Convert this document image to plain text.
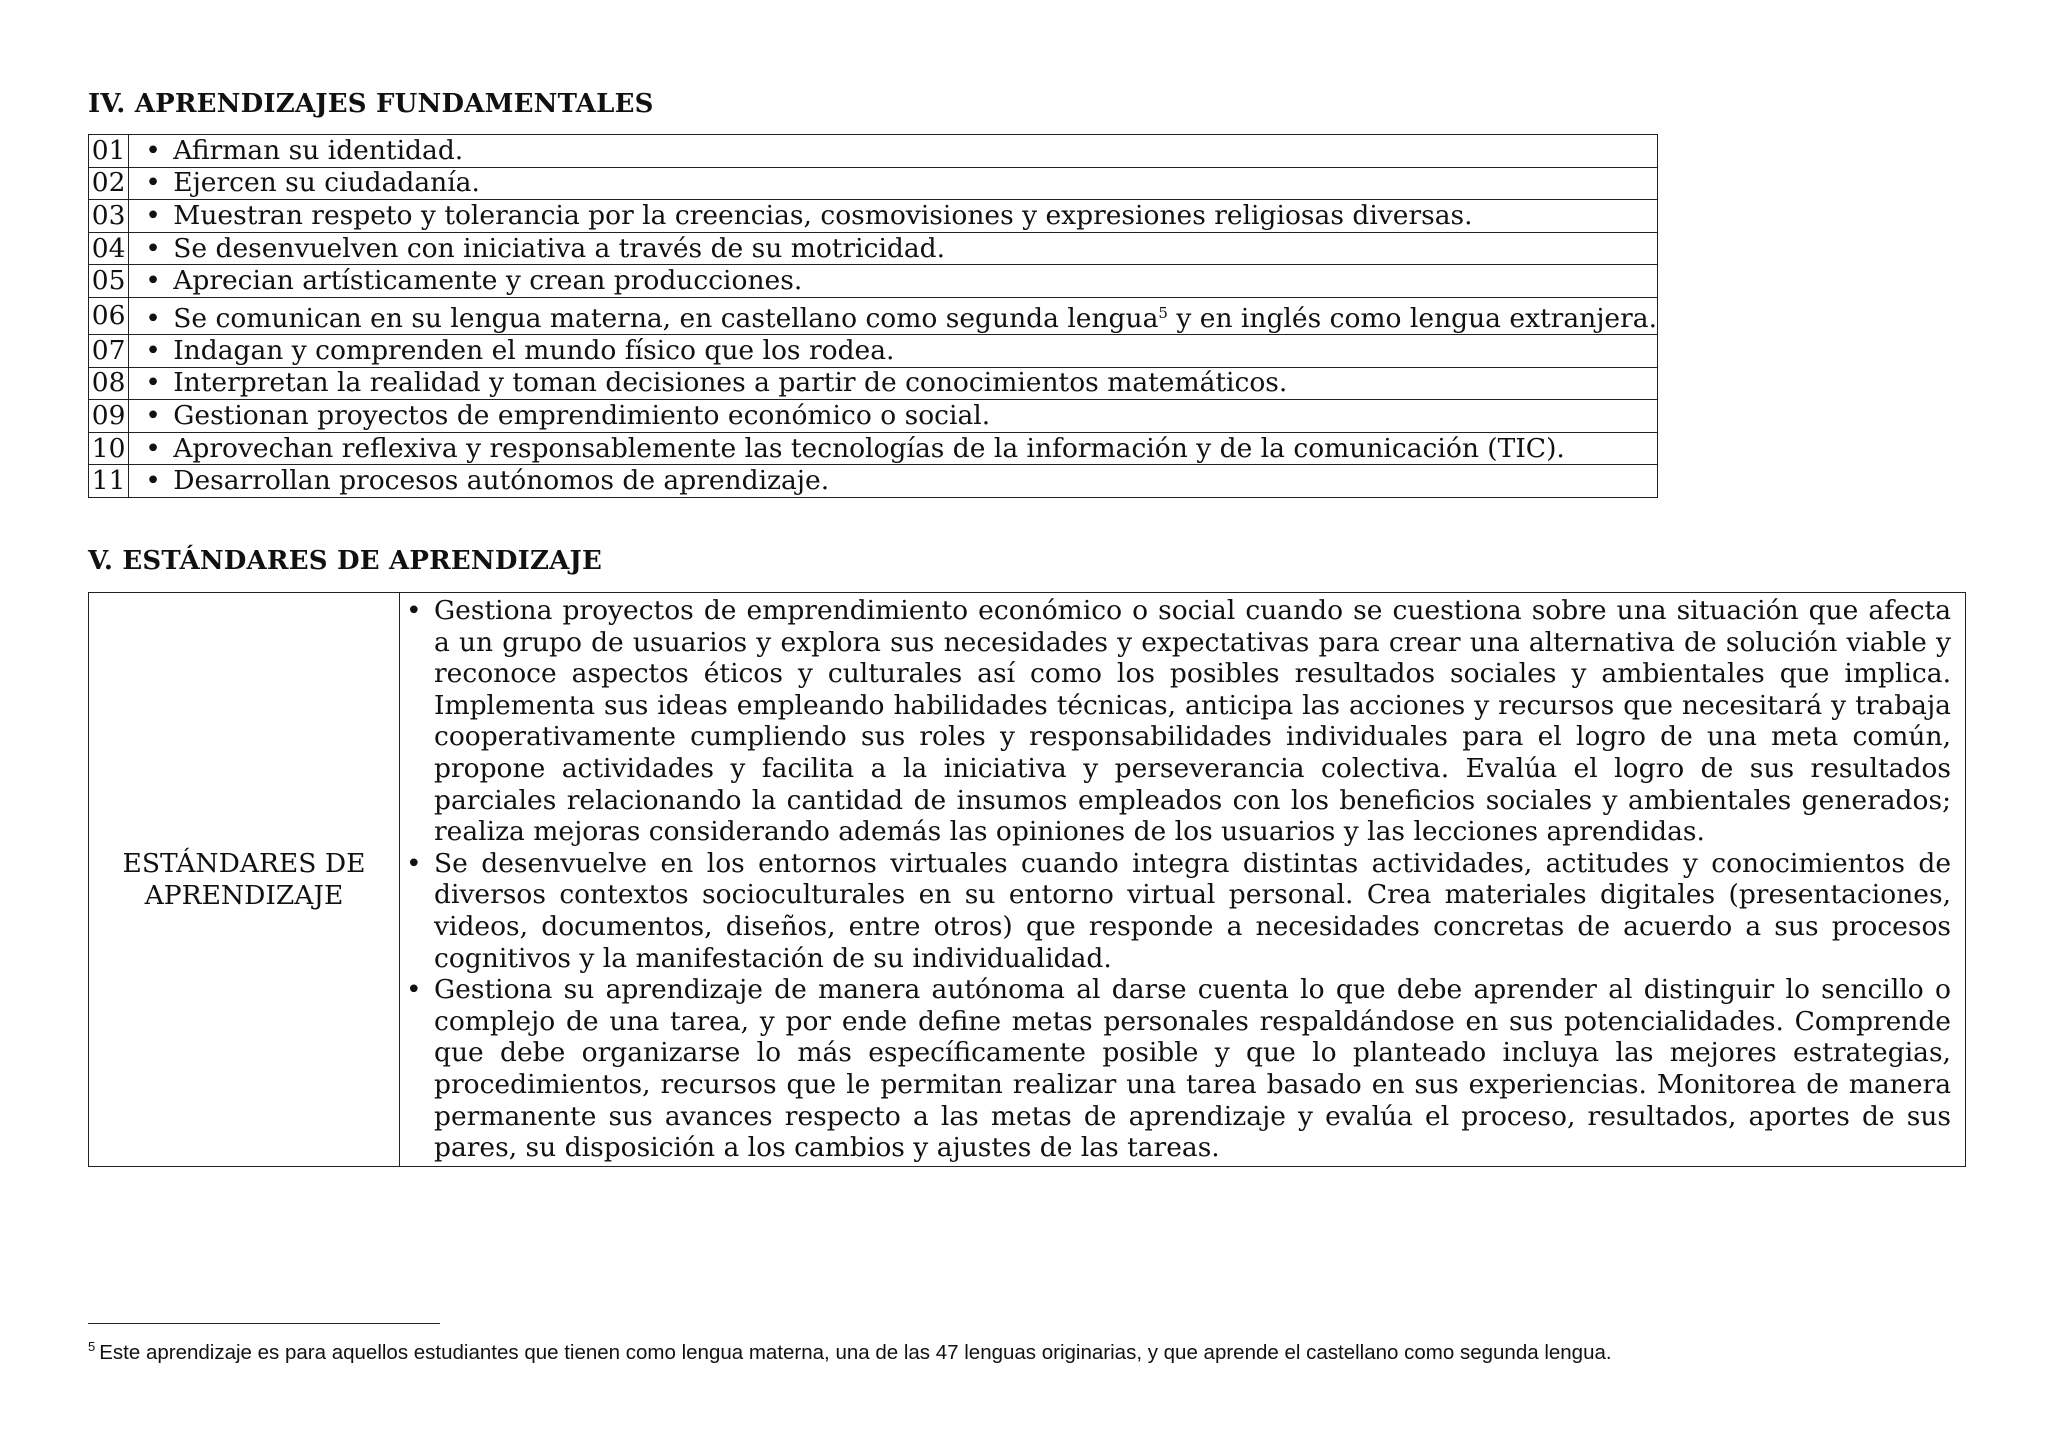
IV. APRENDIZAJES FUNDAMENTALES
01	• Afirman su identidad.
02	• Ejercen su ciudadanía.
03	• Muestran respeto y tolerancia por la creencias, cosmovisiones y expresiones religiosas diversas.
04	• Se desenvuelven con iniciativa a través de su motricidad.
05	• Aprecian artísticamente y crean producciones.
06	• Se comunican en su lengua materna, en castellano como segunda lengua$^5$ y en inglés como lengua extranjera.
07	• Indagan y comprenden el mundo físico que los rodea.
08	• Interpretan la realidad y toman decisiones a partir de conocimientos matemáticos.
09	• Gestionan proyectos de emprendimiento económico o social.
10	• Aprovechan reflexiva y responsablemente las tecnologías de la información y de la comunicación (TIC).
11	• Desarrollan procesos autónomos de aprendizaje.
V. ESTÁNDARES DE APRENDIZAJE
ESTÁNDARES DE
APRENDIZAJE

• Gestiona proyectos de emprendimiento económico o social cuando se cuestiona sobre una situación que afecta a un grupo de usuarios y explora sus necesidades y expectativas para crear una alternativa de solución viable y reconoce aspectos éticos y culturales así como los posibles resultados sociales y ambientales que implica. Implementa sus ideas empleando habilidades técnicas, anticipa las acciones y recursos que necesitará y trabaja cooperativamente cumpliendo sus roles y responsabilidades individuales para el logro de una meta común, propone actividades y facilita a la iniciativa y perseverancia colectiva. Evalúa el logro de sus resultados parciales relacionando la cantidad de insumos empleados con los beneficios sociales y ambientales generados; realiza mejoras considerando además las opiniones de los usuarios y las lecciones aprendidas.
• Se desenvuelve en los entornos virtuales cuando integra distintas actividades, actitudes y conocimientos de diversos contextos socioculturales en su entorno virtual personal. Crea materiales digitales (presentaciones, videos, documentos, diseños, entre otros) que responde a necesidades concretas de acuerdo a sus procesos cognitivos y la manifestación de su individualidad.
• Gestiona su aprendizaje de manera autónoma al darse cuenta lo que debe aprender al distinguir lo sencillo o complejo de una tarea, y por ende define metas personales respaldándose en sus potencialidades. Comprende que debe organizarse lo más específicamente posible y que lo planteado incluya las mejores estrategias, procedimientos, recursos que le permitan realizar una tarea basado en sus experiencias. Monitorea de manera permanente sus avances respecto a las metas de aprendizaje y evalúa el proceso, resultados, aportes de sus pares, su disposición a los cambios y ajustes de las tareas.
$^5$ Este aprendizaje es para aquellos estudiantes que tienen como lengua materna, una de las 47 lenguas originarias, y que aprende el castellano como segunda lengua.
